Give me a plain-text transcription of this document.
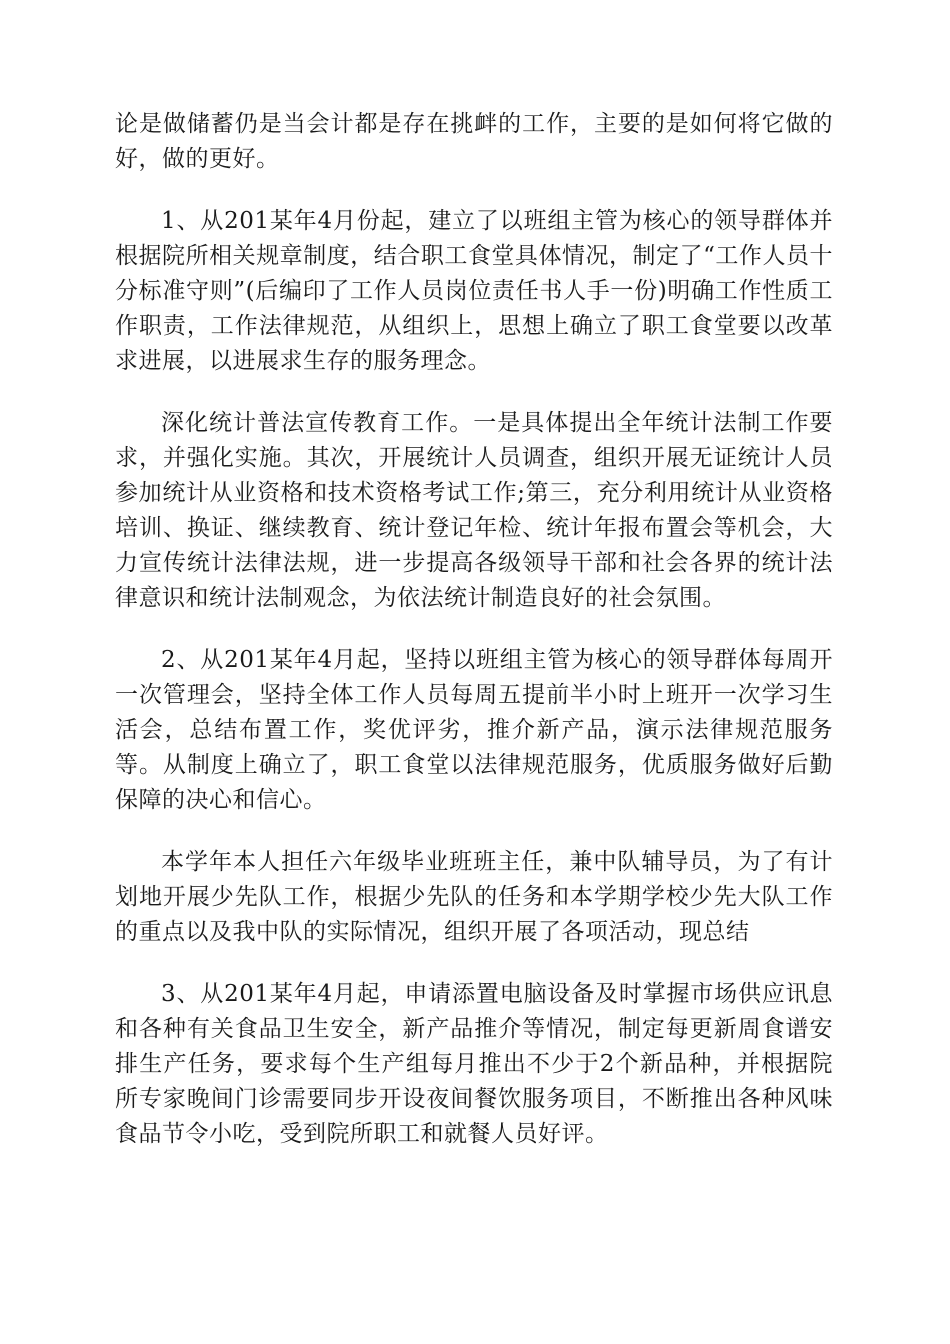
论是做储蓄仍是当会计都是存在挑衅的工作，主要的是如何将它做的好，做的更好。

1、从201某年4月份起，建立了以班组主管为核心的领导群体并根据院所相关规章制度，结合职工食堂具体情况，制定了“工作人员十分标准守则”(后编印了工作人员岗位责任书人手一份)明确工作性质工作职责，工作法律规范，从组织上，思想上确立了职工食堂要以改革求进展，以进展求生存的服务理念。

深化统计普法宣传教育工作。一是具体提出全年统计法制工作要求，并强化实施。其次，开展统计人员调查，组织开展无证统计人员参加统计从业资格和技术资格考试工作;第三，充分利用统计从业资格培训、换证、继续教育、统计登记年检、统计年报布置会等机会，大力宣传统计法律法规，进一步提高各级领导干部和社会各界的统计法律意识和统计法制观念，为依法统计制造良好的社会氛围。

2、从201某年4月起，坚持以班组主管为核心的领导群体每周开一次管理会，坚持全体工作人员每周五提前半小时上班开一次学习生活会，总结布置工作，奖优评劣，推介新产品，演示法律规范服务等。从制度上确立了，职工食堂以法律规范服务，优质服务做好后勤保障的决心和信心。

本学年本人担任六年级毕业班班主任，兼中队辅导员，为了有计划地开展少先队工作，根据少先队的任务和本学期学校少先大队工作的重点以及我中队的实际情况，组织开展了各项活动，现总结

3、从201某年4月起，申请添置电脑设备及时掌握市场供应讯息和各种有关食品卫生安全，新产品推介等情况，制定每更新周食谱安排生产任务，要求每个生产组每月推出不少于2个新品种，并根据院所专家晚间门诊需要同步开设夜间餐饮服务项目，不断推出各种风味食品节令小吃，受到院所职工和就餐人员好评。
